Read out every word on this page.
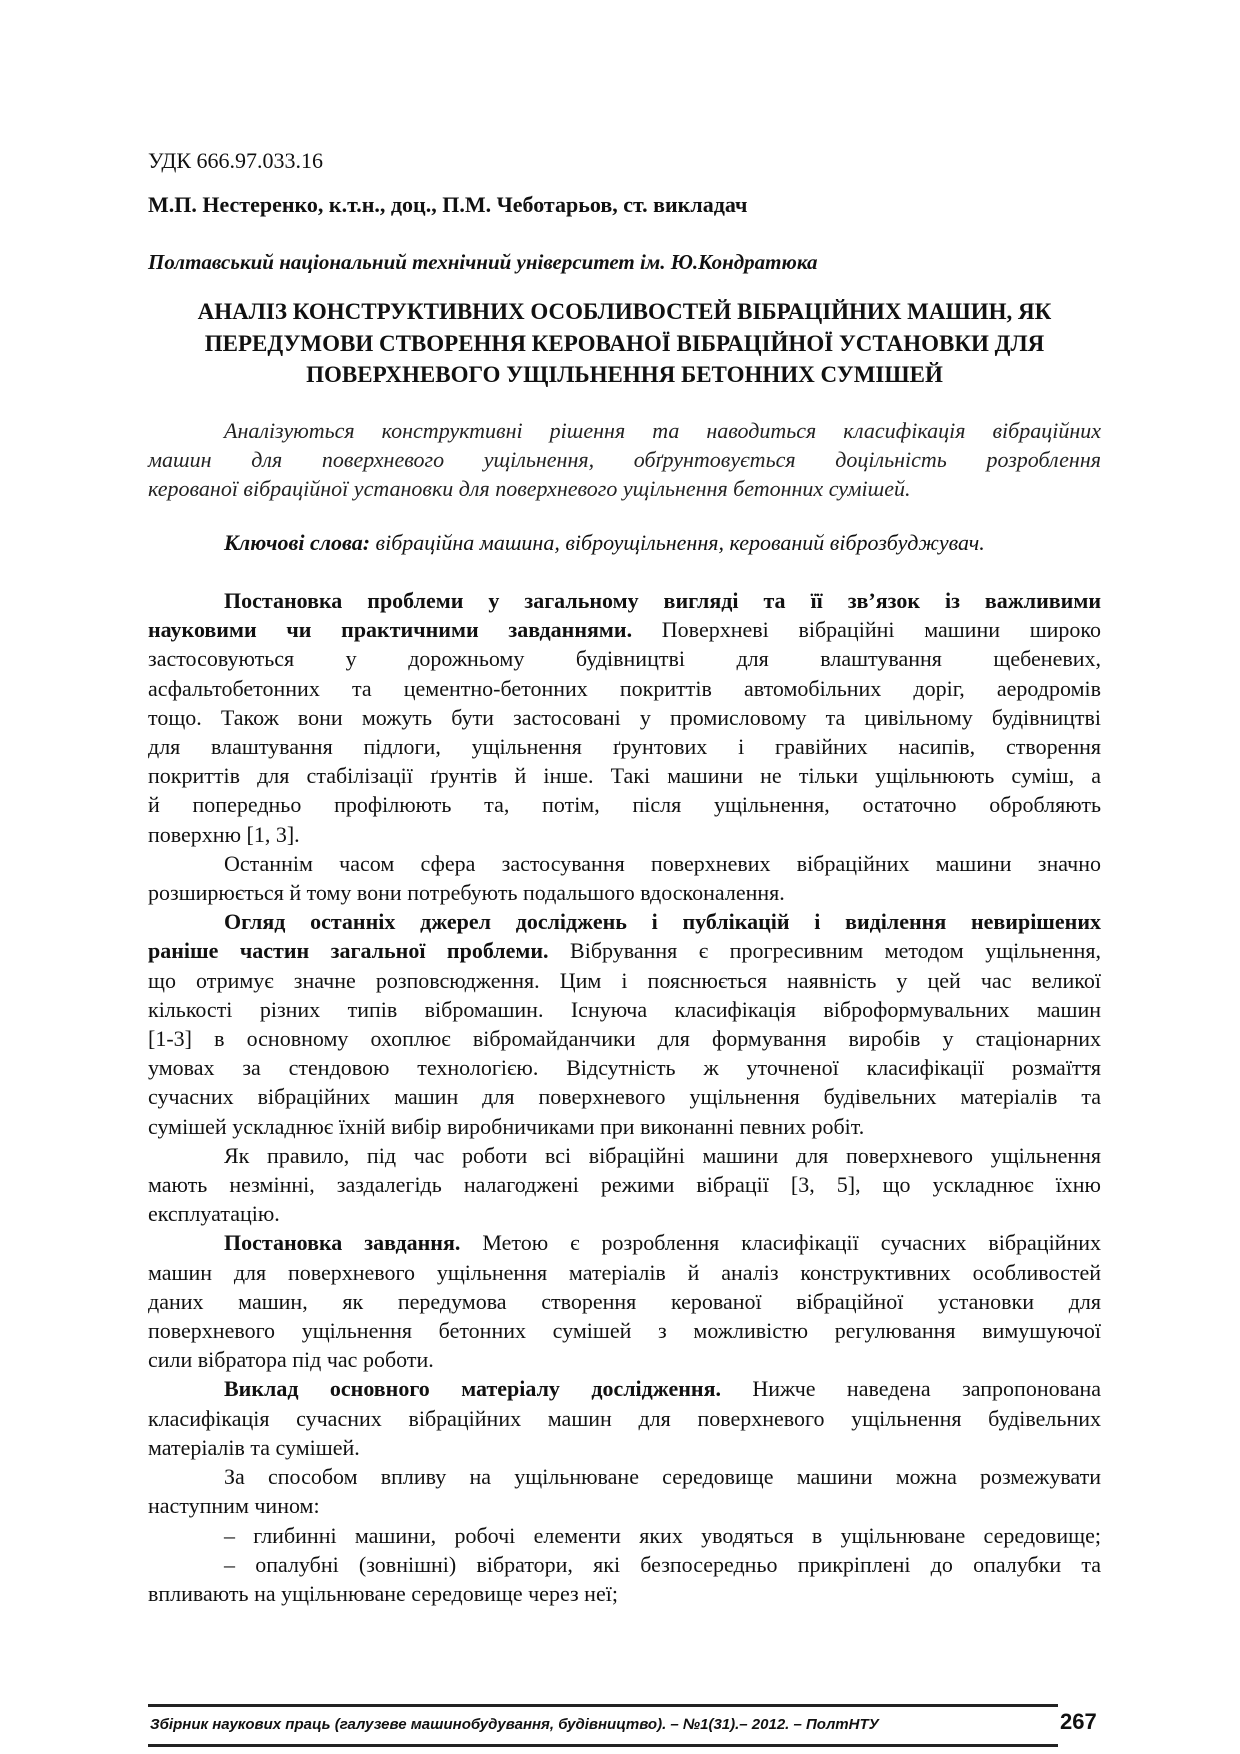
УДК 666.97.033.16
М.П. Нестеренко, к.т.н., доц., П.М. Чеботарьов, ст. викладач
Полтавський національний технічний університет ім. Ю.Кондратюка
АНАЛІЗ КОНСТРУКТИВНИХ ОСОБЛИВОСТЕЙ ВІБРАЦІЙНИХ МАШИН, ЯК
ПЕРЕДУМОВИ СТВОРЕННЯ КЕРОВАНОЇ ВІБРАЦІЙНОЇ УСТАНОВКИ ДЛЯ
ПОВЕРХНЕВОГО УЩІЛЬНЕННЯ БЕТОННИХ СУМІШЕЙ
Аналізуються конструктивні рішення та наводиться класифікація вібраційних
машин для поверхневого ущільнення, обґрунтовується доцільність розроблення
керованої вібраційної установки для поверхневого ущільнення бетонних сумішей.
Ключові слова: вібраційна машина, віброущільнення, керований віброзбуджувач.
Постановка проблеми у загальному вигляді та її зв’язок із важливими
науковими чи практичними завданнями. Поверхневі вібраційні машини широко
застосовуються у дорожньому будівництві для влаштування щебеневих,
асфальтобетонних та цементно-бетонних покриттів автомобільних доріг, аеродромів
тощо. Також вони можуть бути застосовані у промисловому та цивільному будівництві
для влаштування підлоги, ущільнення ґрунтових і гравійних насипів, створення
покриттів для стабілізації ґрунтів й інше. Такі машини не тільки ущільнюють суміш, а
й попередньо профілюють та, потім, після ущільнення, остаточно обробляють
поверхню [1, 3].
Останнім часом сфера застосування поверхневих вібраційних машини значно
розширюється й тому вони потребують подальшого вдосконалення.
Огляд останніх джерел досліджень і публікацій і виділення невирішених
раніше частин загальної проблеми. Вібрування є прогресивним методом ущільнення,
що отримує значне розповсюдження. Цим і пояснюється наявність у цей час великої
кількості різних типів вібромашин. Існуюча класифікація віброформувальних машин
[1-3] в основному охоплює вібромайданчики для формування виробів у стаціонарних
умовах за стендовою технологією. Відсутність ж уточненої класифікації розмаїття
сучасних вібраційних машин для поверхневого ущільнення будівельних матеріалів та
сумішей ускладнює їхній вибір виробничиками при виконанні певних робіт.
Як правило, під час роботи всі вібраційні машини для поверхневого ущільнення
мають незмінні, заздалегідь налагоджені режими вібрації [3, 5], що ускладнює їхню
експлуатацію.
Постановка завдання. Метою є розроблення класифікації сучасних вібраційних
машин для поверхневого ущільнення матеріалів й аналіз конструктивних особливостей
даних машин, як передумова створення керованої вібраційної установки для
поверхневого ущільнення бетонних сумішей з можливістю регулювання вимушуючої
сили вібратора під час роботи.
Виклад основного матеріалу дослідження. Нижче наведена запропонована
класифікація сучасних вібраційних машин для поверхневого ущільнення будівельних
матеріалів та сумішей.
За способом впливу на ущільнюване середовище машини можна розмежувати
наступним чином:
– глибинні машини, робочі елементи яких уводяться в ущільнюване середовище;
– опалубні (зовнішні) вібратори, які безпосередньо прикріплені до опалубки та
впливають на ущільнюване середовище через неї;
Збірник наукових праць (галузеве машинобудування, будівництво). – №1(31).– 2012. – ПолтНТУ	267
